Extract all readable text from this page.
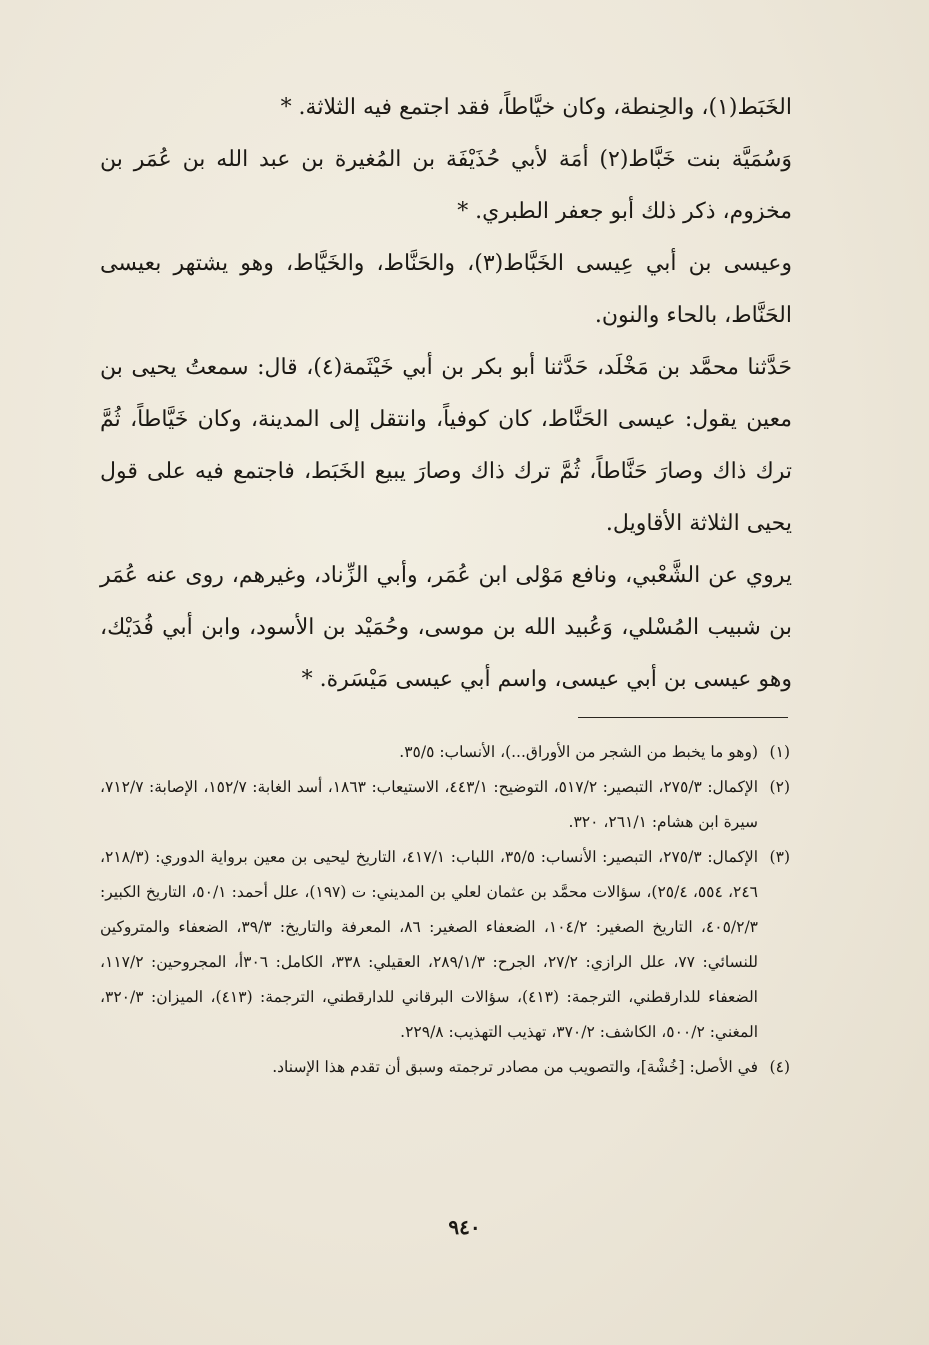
الخَبَط(١)، والحِنطة، وكان خيَّاطاً، فقد اجتمع فيه الثلاثة. *

وَسُمَيَّة بنت خَبَّاط(٢) أمَة لأبي حُذَيْفَة بن المُغيرة بن عبد الله بن عُمَر بن مخزوم، ذكر ذلك أبو جعفر الطبري. *

وعيسى بن أبي عِيسى الخَبَّاط(٣)، والحَنَّاط، والخَيَّاط، وهو يشتهر بعيسى الحَنَّاط، بالحاء والنون.

حَدَّثنا محمَّد بن مَخْلَد، حَدَّثنا أبو بكر بن أبي خَيْثَمة(٤)، قال: سمعتُ يحيى بن معين يقول: عيسى الحَنَّاط، كان كوفياً، وانتقل إلى المدينة، وكان خَيَّاطاً، ثُمَّ ترك ذاك وصارَ حَنَّاطاً، ثُمَّ ترك ذاك وصارَ يبيع الخَبَط، فاجتمع فيه على قول يحيى الثلاثة الأقاويل.

يروي عن الشَّعْبي، ونافع مَوْلى ابن عُمَر، وأبي الزِّناد، وغيرهم، روى عنه عُمَر بن شبيب المُسْلي، وَعُبيد الله بن موسى، وحُمَيْد بن الأسود، وابن أبي فُدَيْك، وهو عيسى بن أبي عيسى، واسم أبي عيسى مَيْسَرة. *

(١)
(وهو ما يخبط من الشجر من الأوراق...)، الأنساب: ٣٥/٥.
(٢)
الإكمال: ٢٧٥/٣، التبصير: ٥١٧/٢، التوضيح: ٤٤٣/١، الاستيعاب: ١٨٦٣، أسد الغابة: ١٥٢/٧، الإصابة: ٧١٢/٧، سيرة ابن هشام: ٢٦١/١، ٣٢٠.
(٣)
الإكمال: ٢٧٥/٣، التبصير: الأنساب: ٣٥/٥، اللباب: ٤١٧/١، التاريخ ليحيى بن معين برواية الدوري: (٢١٨/٣، ٢٤٦، ٥٥٤، ٢٥/٤)، سؤالات محمَّد بن عثمان لعلي بن المديني: ت (١٩٧)، علل أحمد: ٥٠/١، التاريخ الكبير: ٤٠٥/٢/٣، التاريخ الصغير: ١٠٤/٢، الضعفاء الصغير: ٨٦، المعرفة والتاريخ: ٣٩/٣، الضعفاء والمتروكين للنسائي: ٧٧، علل الرازي: ٢٧/٢، الجرح: ٢٨٩/١/٣، العقيلي: ٣٣٨، الكامل: ٣٠٦أ، المجروحين: ١١٧/٢، الضعفاء للدارقطني، الترجمة: (٤١٣)، سؤالات البرقاني للدارقطني، الترجمة: (٤١٣)، الميزان: ٣٢٠/٣، المغني: ٥٠٠/٢، الكاشف: ٣٧٠/٢، تهذيب التهذيب: ٢٢٩/٨.
(٤)
في الأصل: [خُشْة]، والتصويب من مصادر ترجمته وسبق أن تقدم هذا الإسناد.
٩٤٠
